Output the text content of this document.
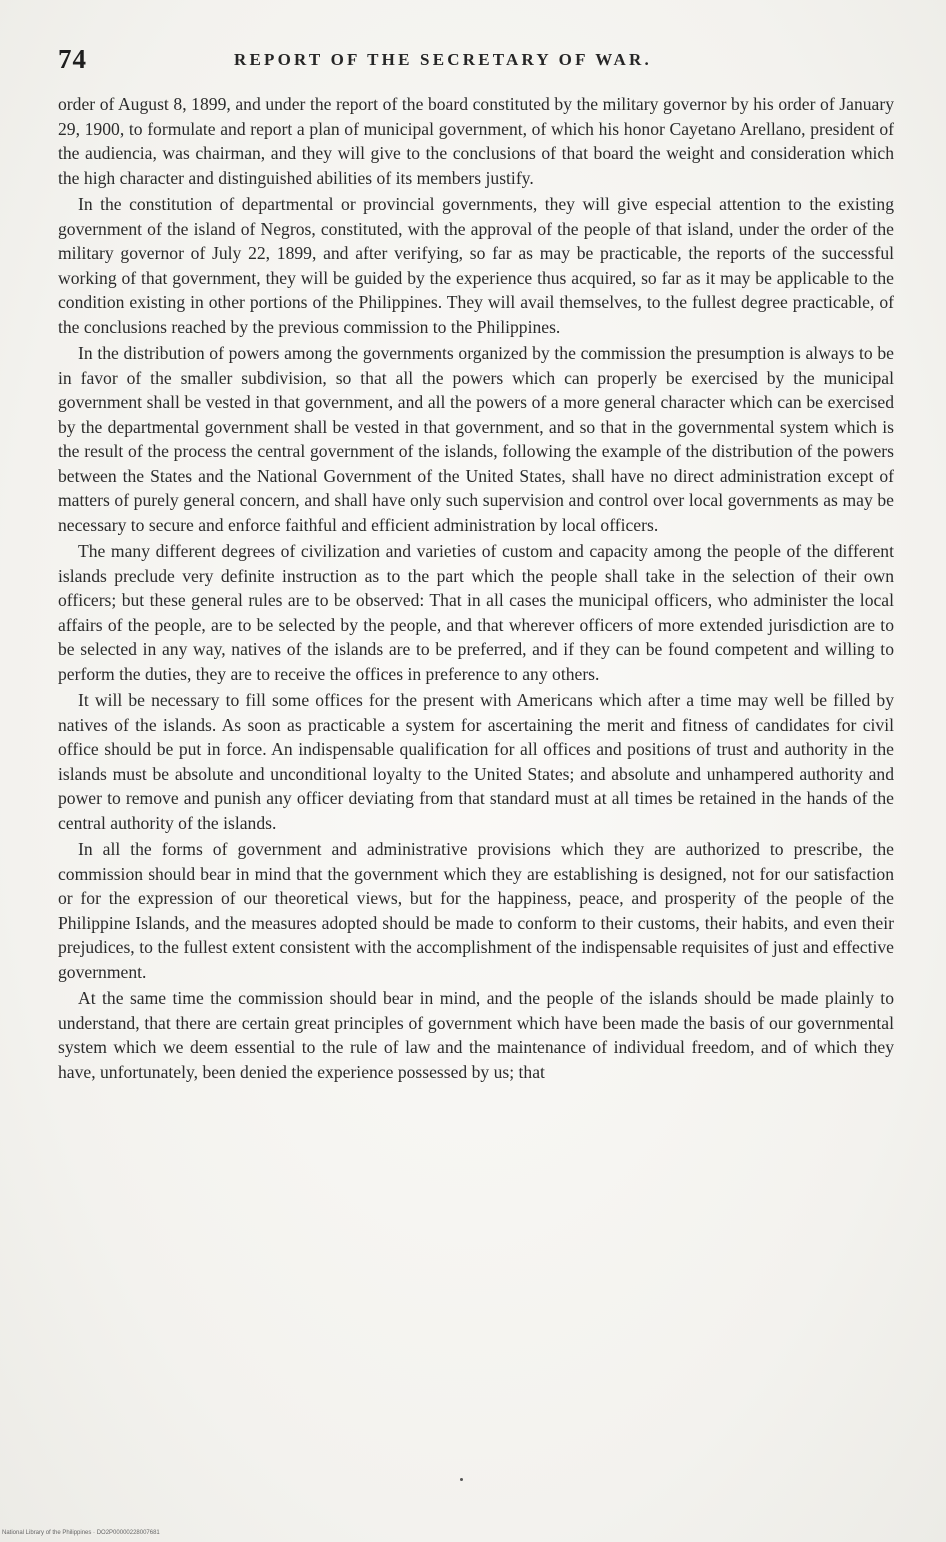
74	REPORT OF THE SECRETARY OF WAR.

order of August 8, 1899, and under the report of the board constituted by the military governor by his order of January 29, 1900, to formulate and report a plan of municipal government, of which his honor Cayetano Arellano, president of the audiencia, was chairman, and they will give to the conclusions of that board the weight and consideration which the high character and distinguished abilities of its members justify.

In the constitution of departmental or provincial governments, they will give especial attention to the existing government of the island of Negros, constituted, with the approval of the people of that island, under the order of the military governor of July 22, 1899, and after verifying, so far as may be practicable, the reports of the successful working of that government, they will be guided by the experience thus acquired, so far as it may be applicable to the condition existing in other portions of the Philippines. They will avail themselves, to the fullest degree practicable, of the conclusions reached by the previous commission to the Philippines.

In the distribution of powers among the governments organized by the commission the presumption is always to be in favor of the smaller subdivision, so that all the powers which can properly be exercised by the municipal government shall be vested in that government, and all the powers of a more general character which can be exercised by the departmental government shall be vested in that government, and so that in the governmental system which is the result of the process the central government of the islands, following the example of the distribution of the powers between the States and the National Government of the United States, shall have no direct administration except of matters of purely general concern, and shall have only such supervision and control over local governments as may be necessary to secure and enforce faithful and efficient administration by local officers.

The many different degrees of civilization and varieties of custom and capacity among the people of the different islands preclude very definite instruction as to the part which the people shall take in the selection of their own officers; but these general rules are to be observed: That in all cases the municipal officers, who administer the local affairs of the people, are to be selected by the people, and that wherever officers of more extended jurisdiction are to be selected in any way, natives of the islands are to be preferred, and if they can be found competent and willing to perform the duties, they are to receive the offices in preference to any others.

It will be necessary to fill some offices for the present with Americans which after a time may well be filled by natives of the islands. As soon as practicable a system for ascertaining the merit and fitness of candidates for civil office should be put in force. An indispensable qualification for all offices and positions of trust and authority in the islands must be absolute and unconditional loyalty to the United States; and absolute and unhampered authority and power to remove and punish any officer deviating from that standard must at all times be retained in the hands of the central authority of the islands.

In all the forms of government and administrative provisions which they are authorized to prescribe, the commission should bear in mind that the government which they are establishing is designed, not for our satisfaction or for the expression of our theoretical views, but for the happiness, peace, and prosperity of the people of the Philippine Islands, and the measures adopted should be made to conform to their customs, their habits, and even their prejudices, to the fullest extent consistent with the accomplishment of the indispensable requisites of just and effective government.

At the same time the commission should bear in mind, and the people of the islands should be made plainly to understand, that there are certain great principles of government which have been made the basis of our governmental system which we deem essential to the rule of law and the maintenance of individual freedom, and of which they have, unfortunately, been denied the experience possessed by us; that

National Library of the Philippines · DO2P00000228007681
